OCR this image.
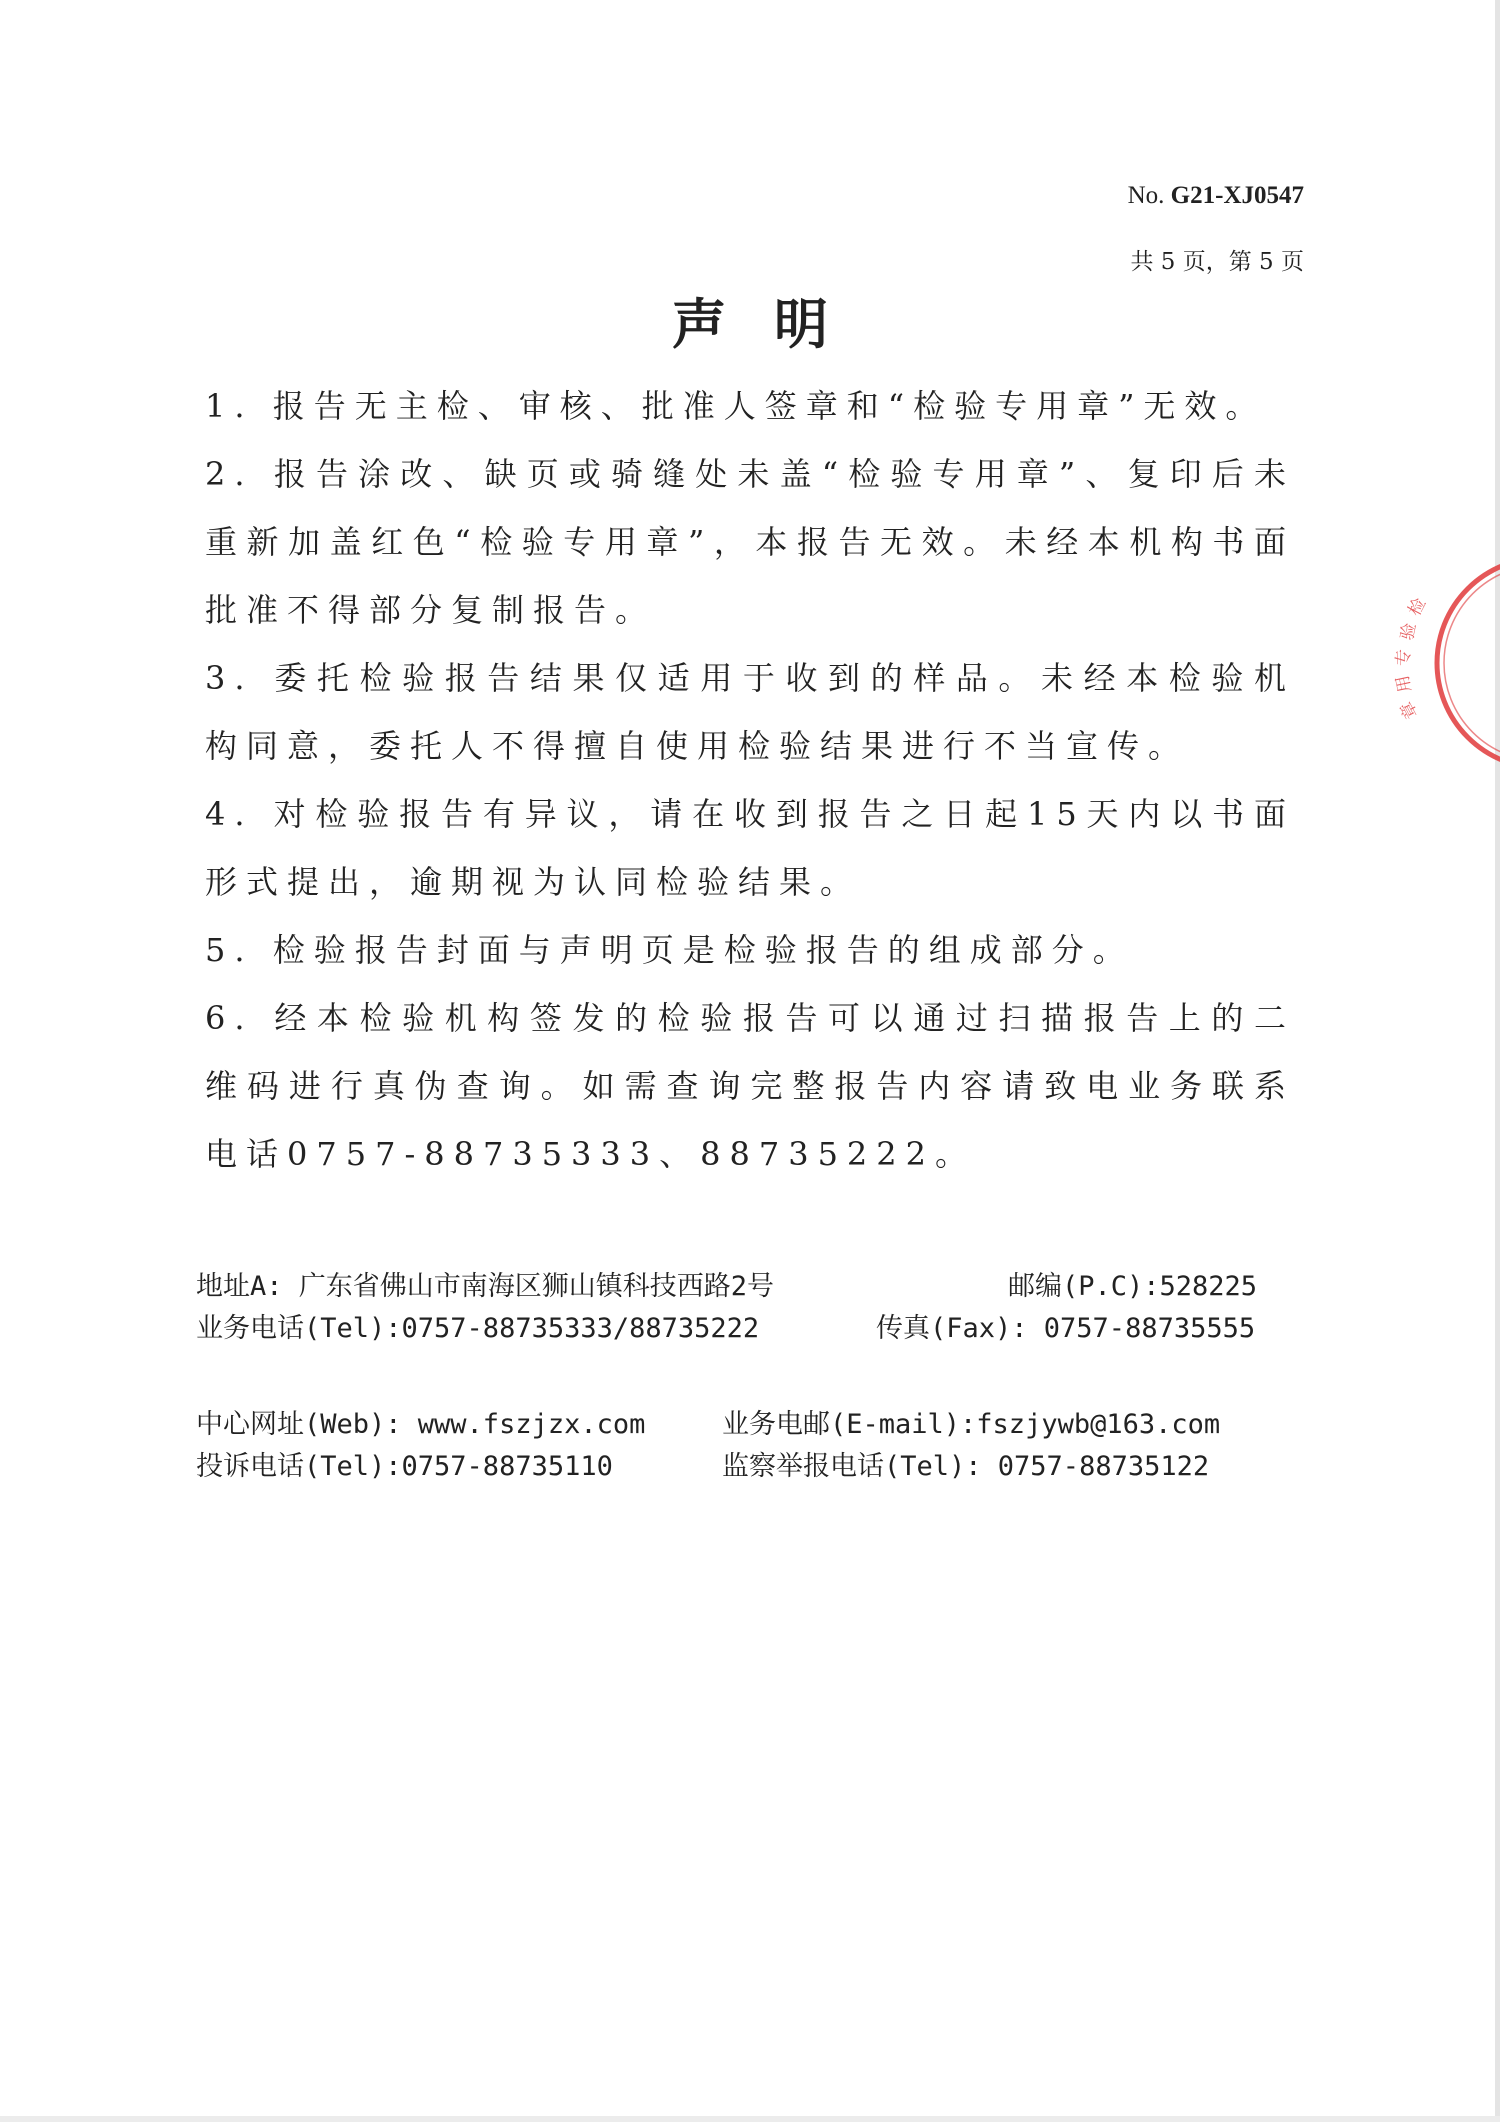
No. G21-XJ0547
共 5 页，第 5 页
声明

1. 报告无主检、审核、批准人签章和“检验专用章”无效。

2. 报告涂改、缺页或骑缝处未盖“检验专用章”、复印后未重新加盖红色“检验专用章”，本报告无效。未经本机构书面批准不得部分复制报告。

3. 委托检验报告结果仅适用于收到的样品。未经本检验机构同意，委托人不得擅自使用检验结果进行不当宣传。

4. 对检验报告有异议，请在收到报告之日起15天内以书面形式提出，逾期视为认同检验结果。

5. 检验报告封面与声明页是检验报告的组成部分。

6. 经本检验机构签发的检验报告可以通过扫描报告上的二维码进行真伪查询。如需查询完整报告内容请致电业务联系电话0757-88735333、88735222。

地址A: 广东省佛山市南海区狮山镇科技西路2号	邮编(P.C):528225
业务电话(Tel):0757-88735333/88735222	传真(Fax): 0757-88735555
中心网址(Web): www.fszjzx.com	业务电邮(E-mail):fszjywb@163.com
投诉电话(Tel):0757-88735110	监察举报电话(Tel): 0757-88735122
检
验
专
用
章
